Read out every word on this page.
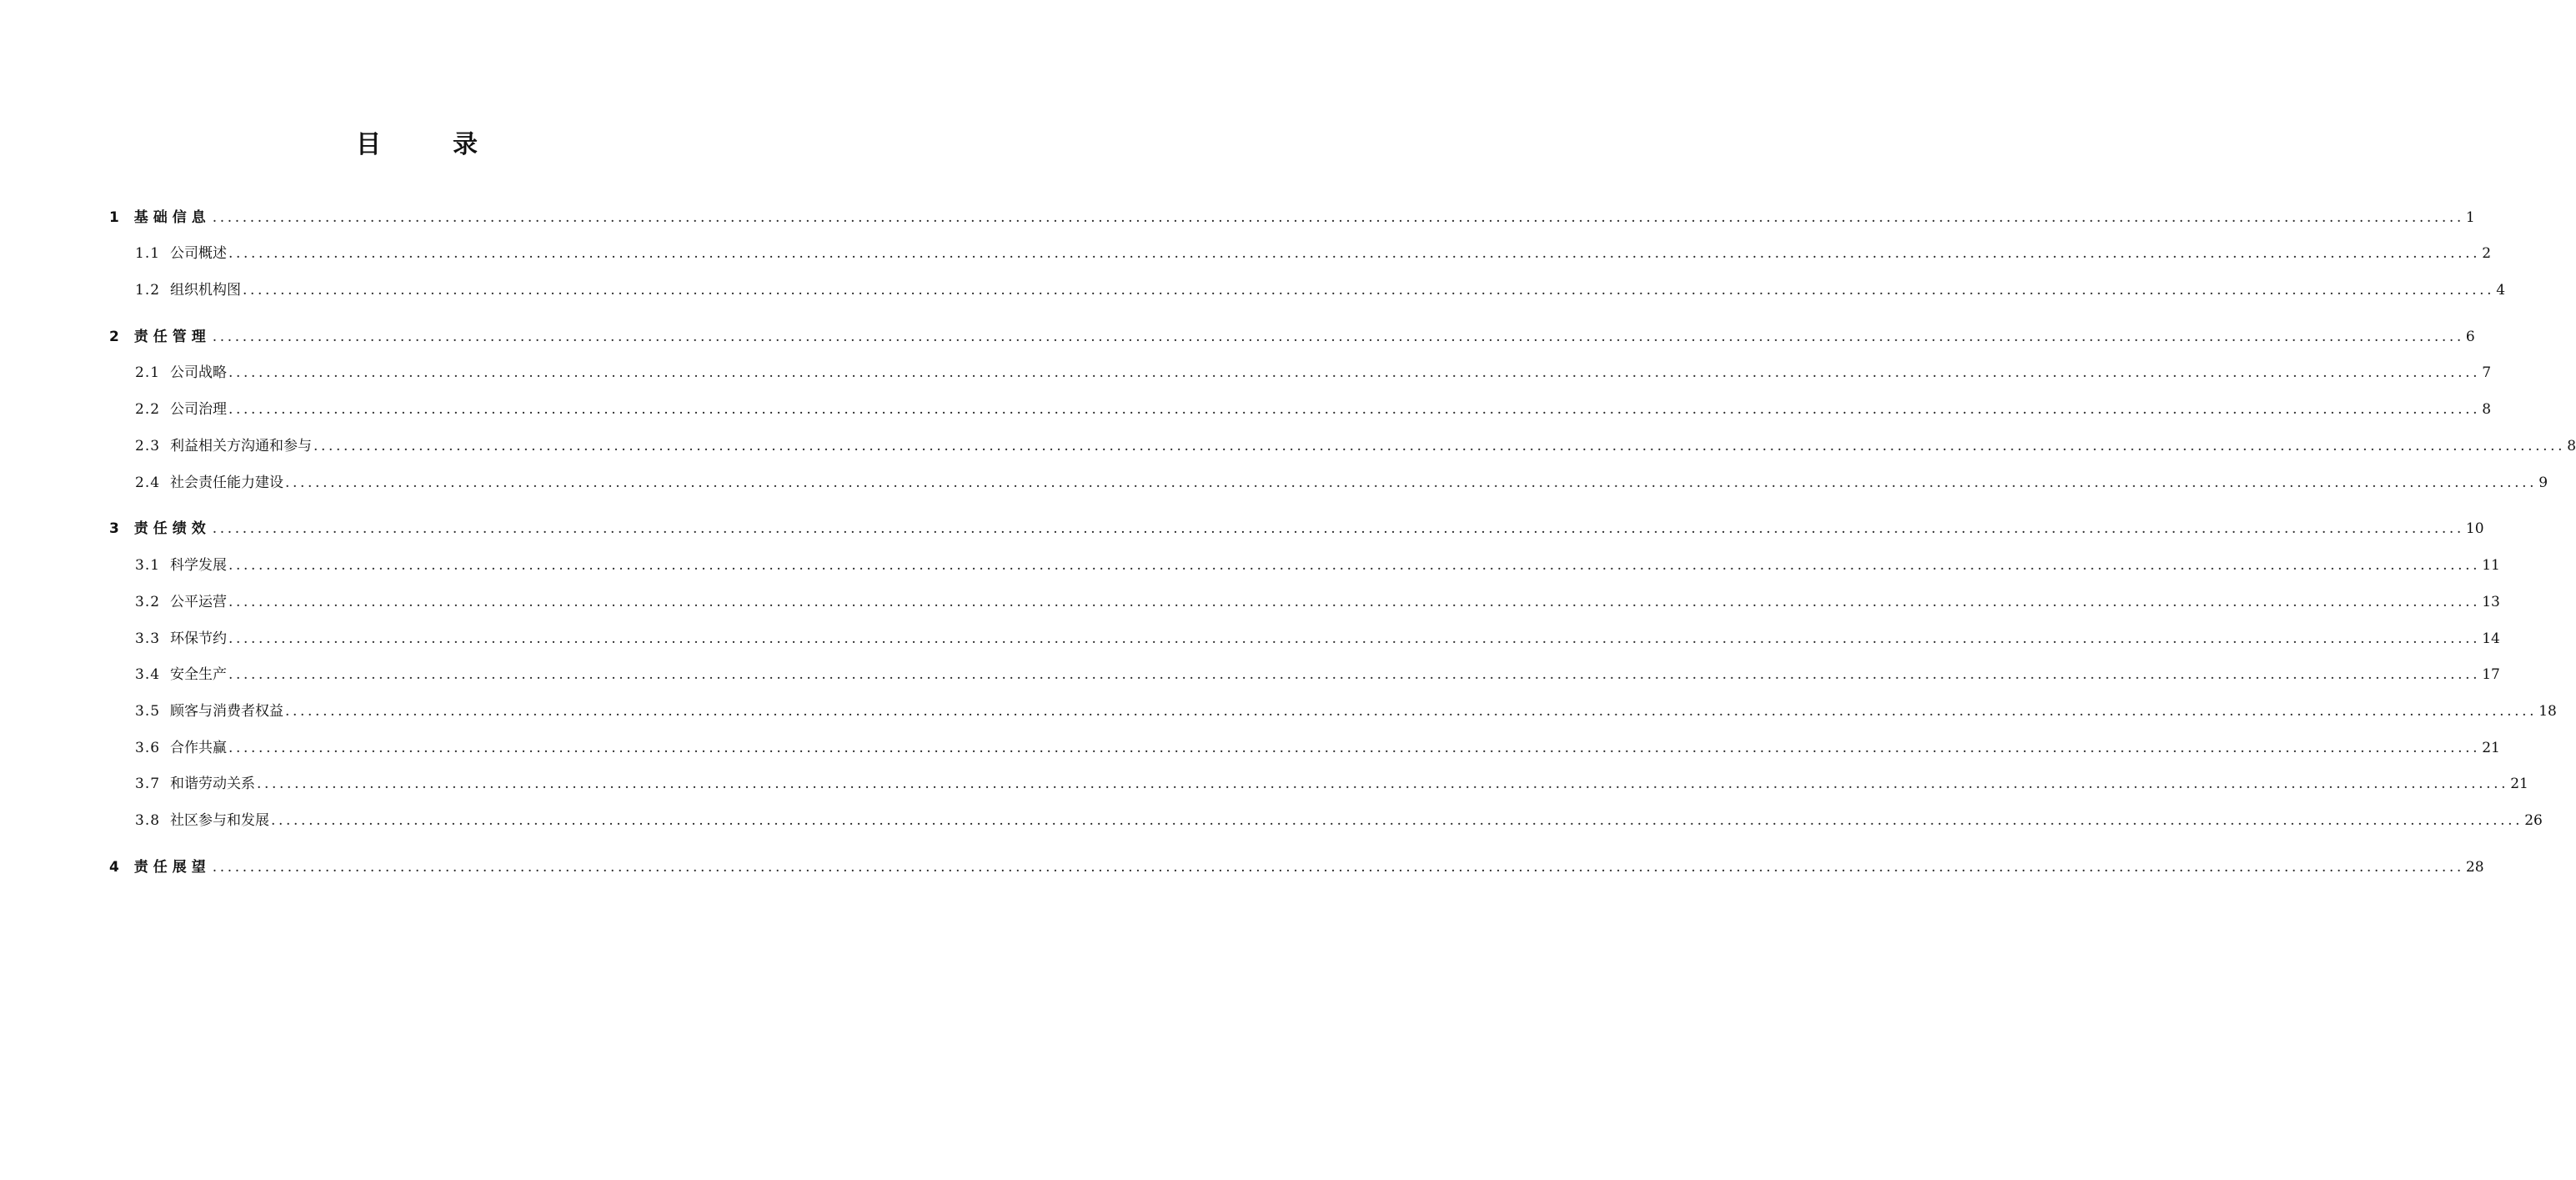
目	录
1 基础信息 ............................................................................................................................................................................................................................................................................................................ 1
1.1 公司概述 ............................................................................................................................................................................................................................................................................................................ 2
1.2 组织机构图 ............................................................................................................................................................................................................................................................................................................ 4
2 责任管理 ............................................................................................................................................................................................................................................................................................................ 6
2.1 公司战略 ............................................................................................................................................................................................................................................................................................................ 7
2.2 公司治理 ............................................................................................................................................................................................................................................................................................................ 8
2.3 利益相关方沟通和参与 ............................................................................................................................................................................................................................................................................................................ 8
2.4 社会责任能力建设 ............................................................................................................................................................................................................................................................................................................ 9
3 责任绩效 ............................................................................................................................................................................................................................................................................................................ 10
3.1 科学发展 ............................................................................................................................................................................................................................................................................................................ 11
3.2 公平运营 ............................................................................................................................................................................................................................................................................................................ 13
3.3 环保节约 ............................................................................................................................................................................................................................................................................................................ 14
3.4 安全生产 ............................................................................................................................................................................................................................................................................................................ 17
3.5 顾客与消费者权益 ............................................................................................................................................................................................................................................................................................................ 18
3.6 合作共赢 ............................................................................................................................................................................................................................................................................................................ 21
3.7 和谐劳动关系 ............................................................................................................................................................................................................................................................................................................ 21
3.8 社区参与和发展 ............................................................................................................................................................................................................................................................................................................ 26
4 责任展望 ............................................................................................................................................................................................................................................................................................................ 28
